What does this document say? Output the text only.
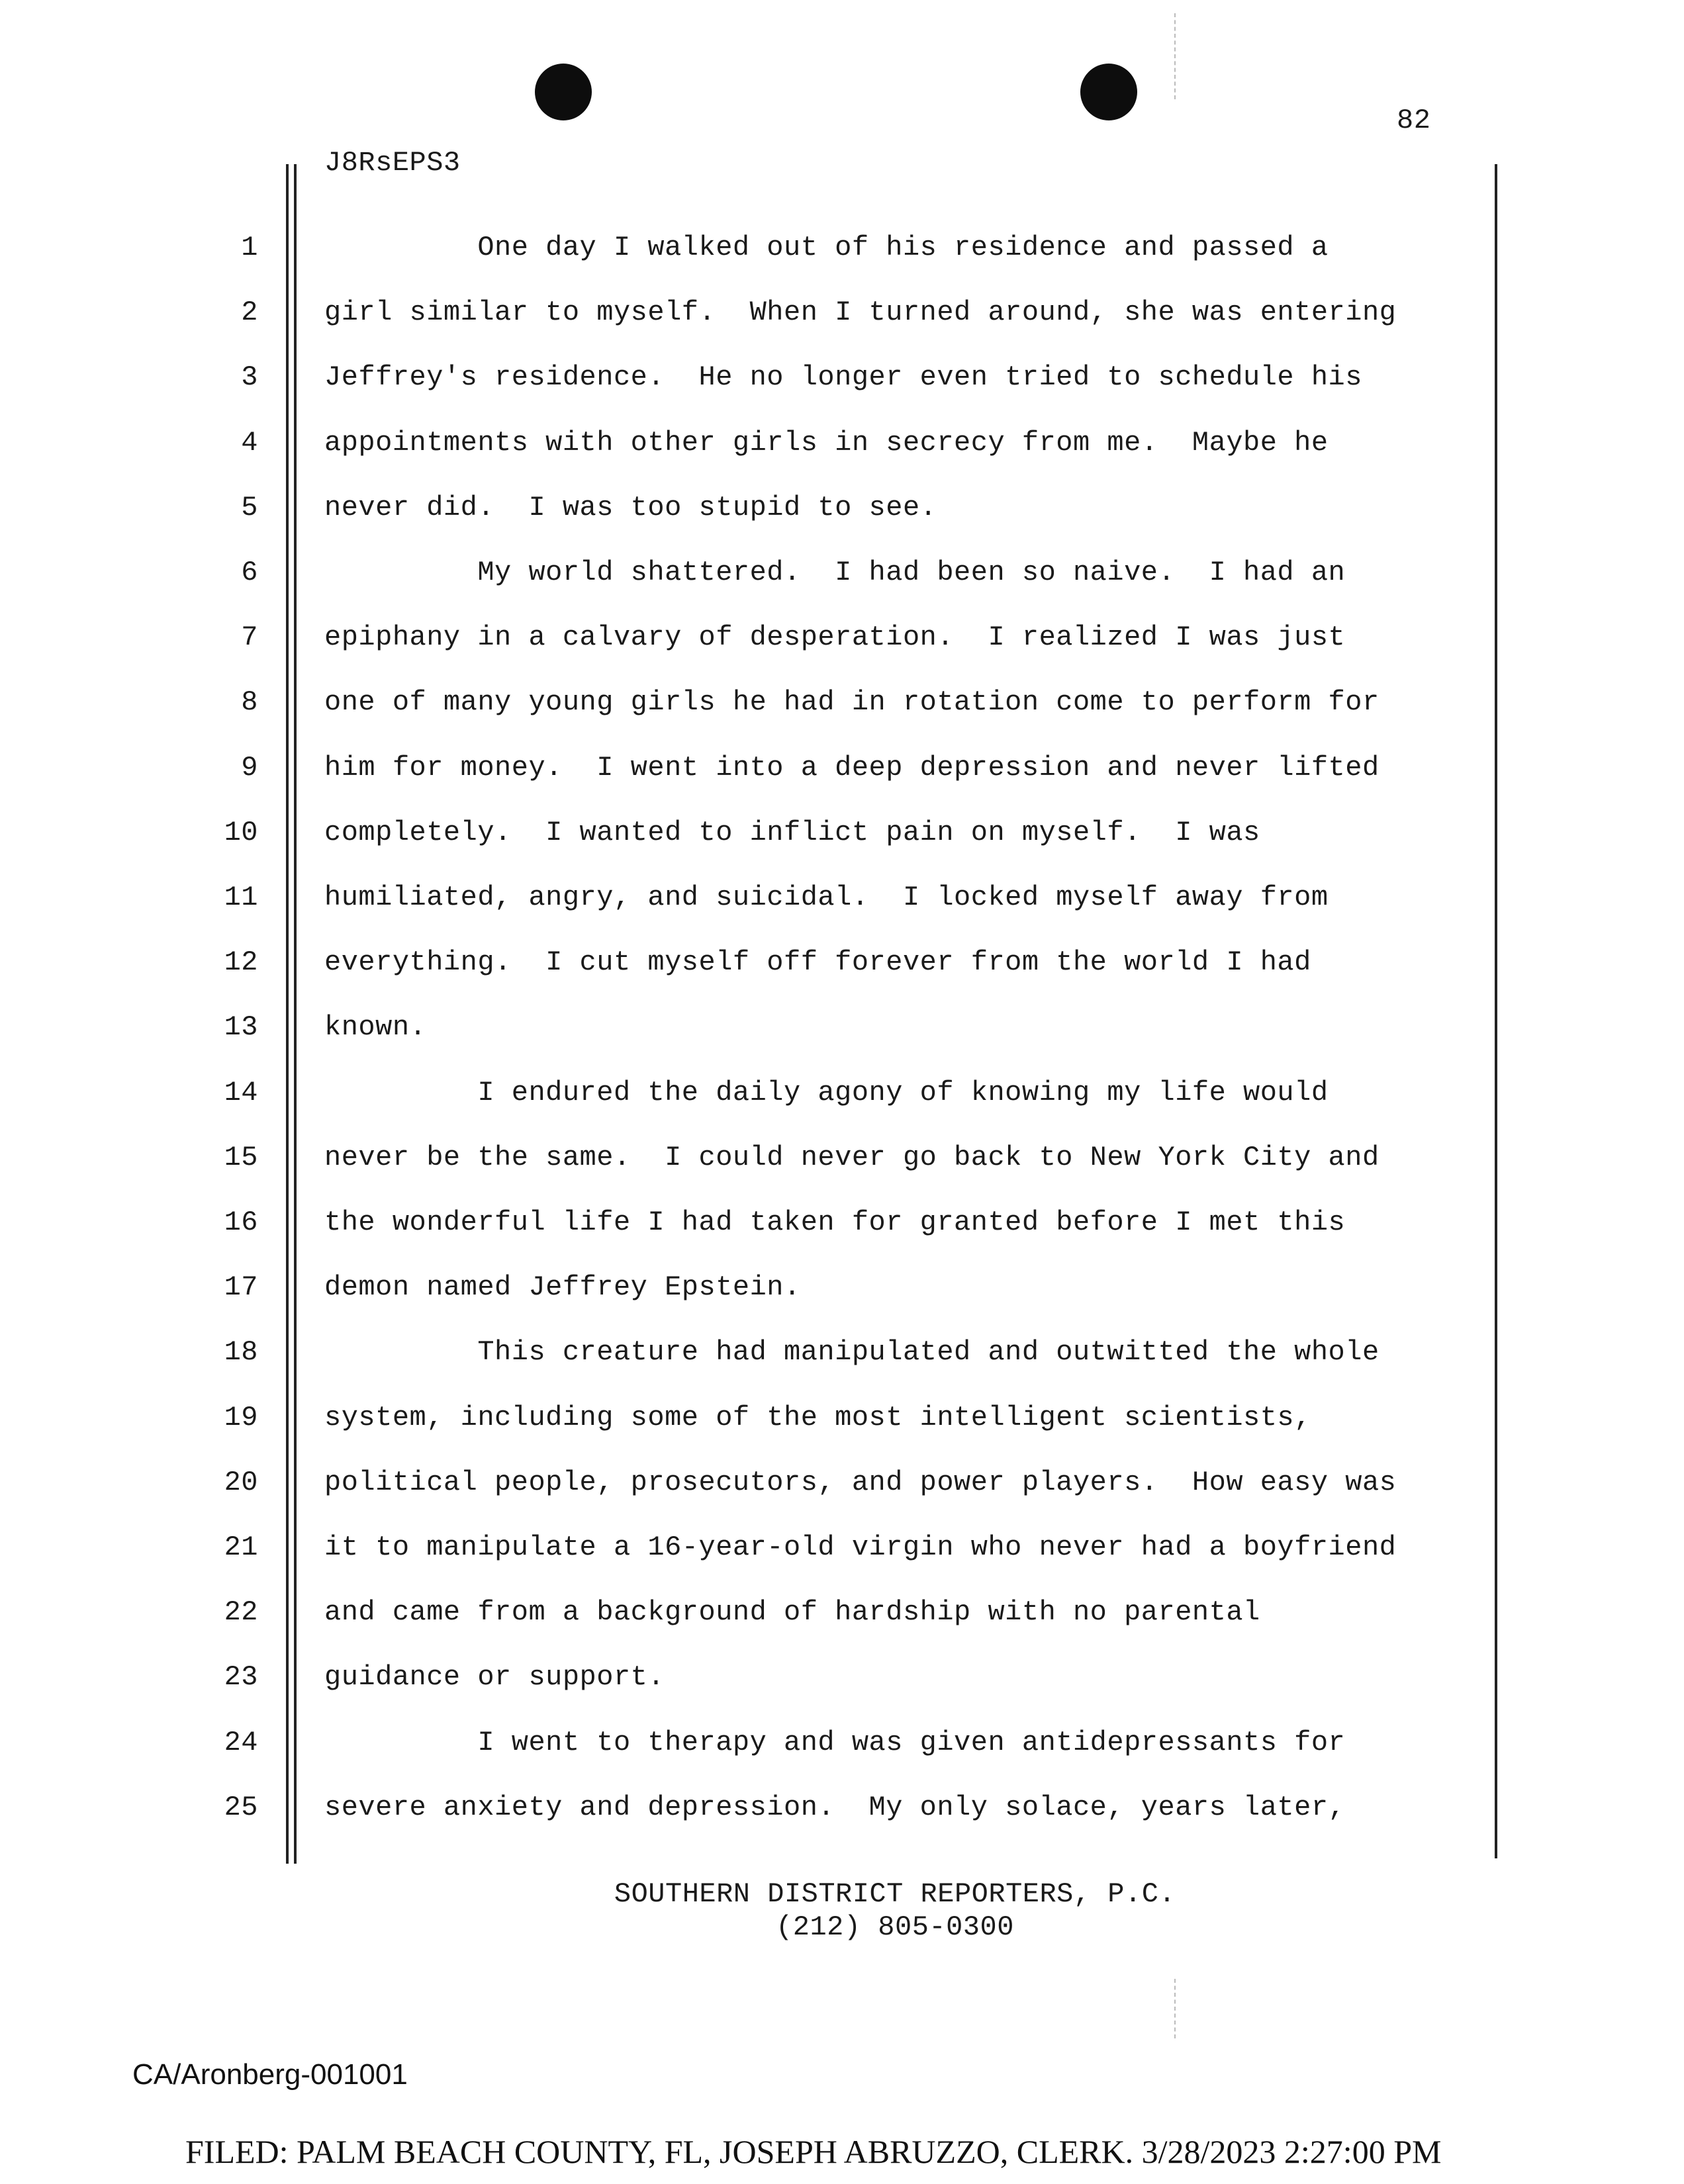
82
J8RsEPS3
1 One day I walked out of his residence and passed a
2 girl similar to myself.  When I turned around, she was entering
3 Jeffrey's residence.  He no longer even tried to schedule his
4 appointments with other girls in secrecy from me.  Maybe he
5 never did.  I was too stupid to see.
6 My world shattered.  I had been so naive.  I had an
7 epiphany in a calvary of desperation.  I realized I was just
8 one of many young girls he had in rotation come to perform for
9 him for money.  I went into a deep depression and never lifted
10 completely.  I wanted to inflict pain on myself.  I was
11 humiliated, angry, and suicidal.  I locked myself away from
12 everything.  I cut myself off forever from the world I had
13 known.
14 I endured the daily agony of knowing my life would
15 never be the same.  I could never go back to New York City and
16 the wonderful life I had taken for granted before I met this
17 demon named Jeffrey Epstein.
18 This creature had manipulated and outwitted the whole
19 system, including some of the most intelligent scientists,
20 political people, prosecutors, and power players.  How easy was
21 it to manipulate a 16-year-old virgin who never had a boyfriend
22 and came from a background of hardship with no parental
23 guidance or support.
24 I went to therapy and was given antidepressants for
25 severe anxiety and depression.  My only solace, years later,
SOUTHERN DISTRICT REPORTERS, P.C.
(212) 805-0300
CA/Aronberg-001001
FILED: PALM BEACH COUNTY, FL, JOSEPH ABRUZZO, CLERK. 3/28/2023 2:27:00 PM
